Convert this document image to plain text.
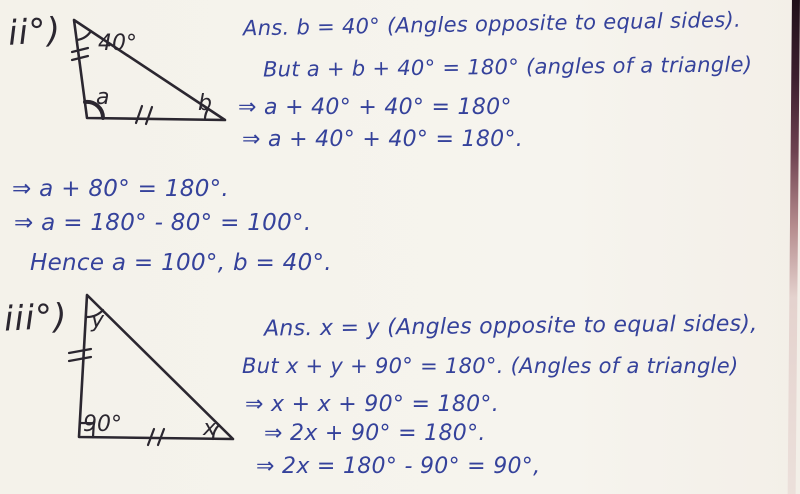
ii°) 40°
a	b
Ans. b = 40° (Angles opposite to equal sides).
But a + b + 40° = 180° (angles of a triangle)
⇒ a + 40° + 40° = 180°
⇒ a + 40° + 40° = 180°.
⇒ a + 80° = 180°.
⇒ a = 180° - 80° = 100°.
Hence a = 100°, b = 40°.
iii°) y
90°	x
Ans. x = y (Angles opposite to equal sides),
But x + y + 90° = 180°. (Angles of a triangle)
⇒ x + x + 90° = 180°.
⇒ 2x + 90° = 180°.
⇒ 2x = 180° - 90° = 90°,
